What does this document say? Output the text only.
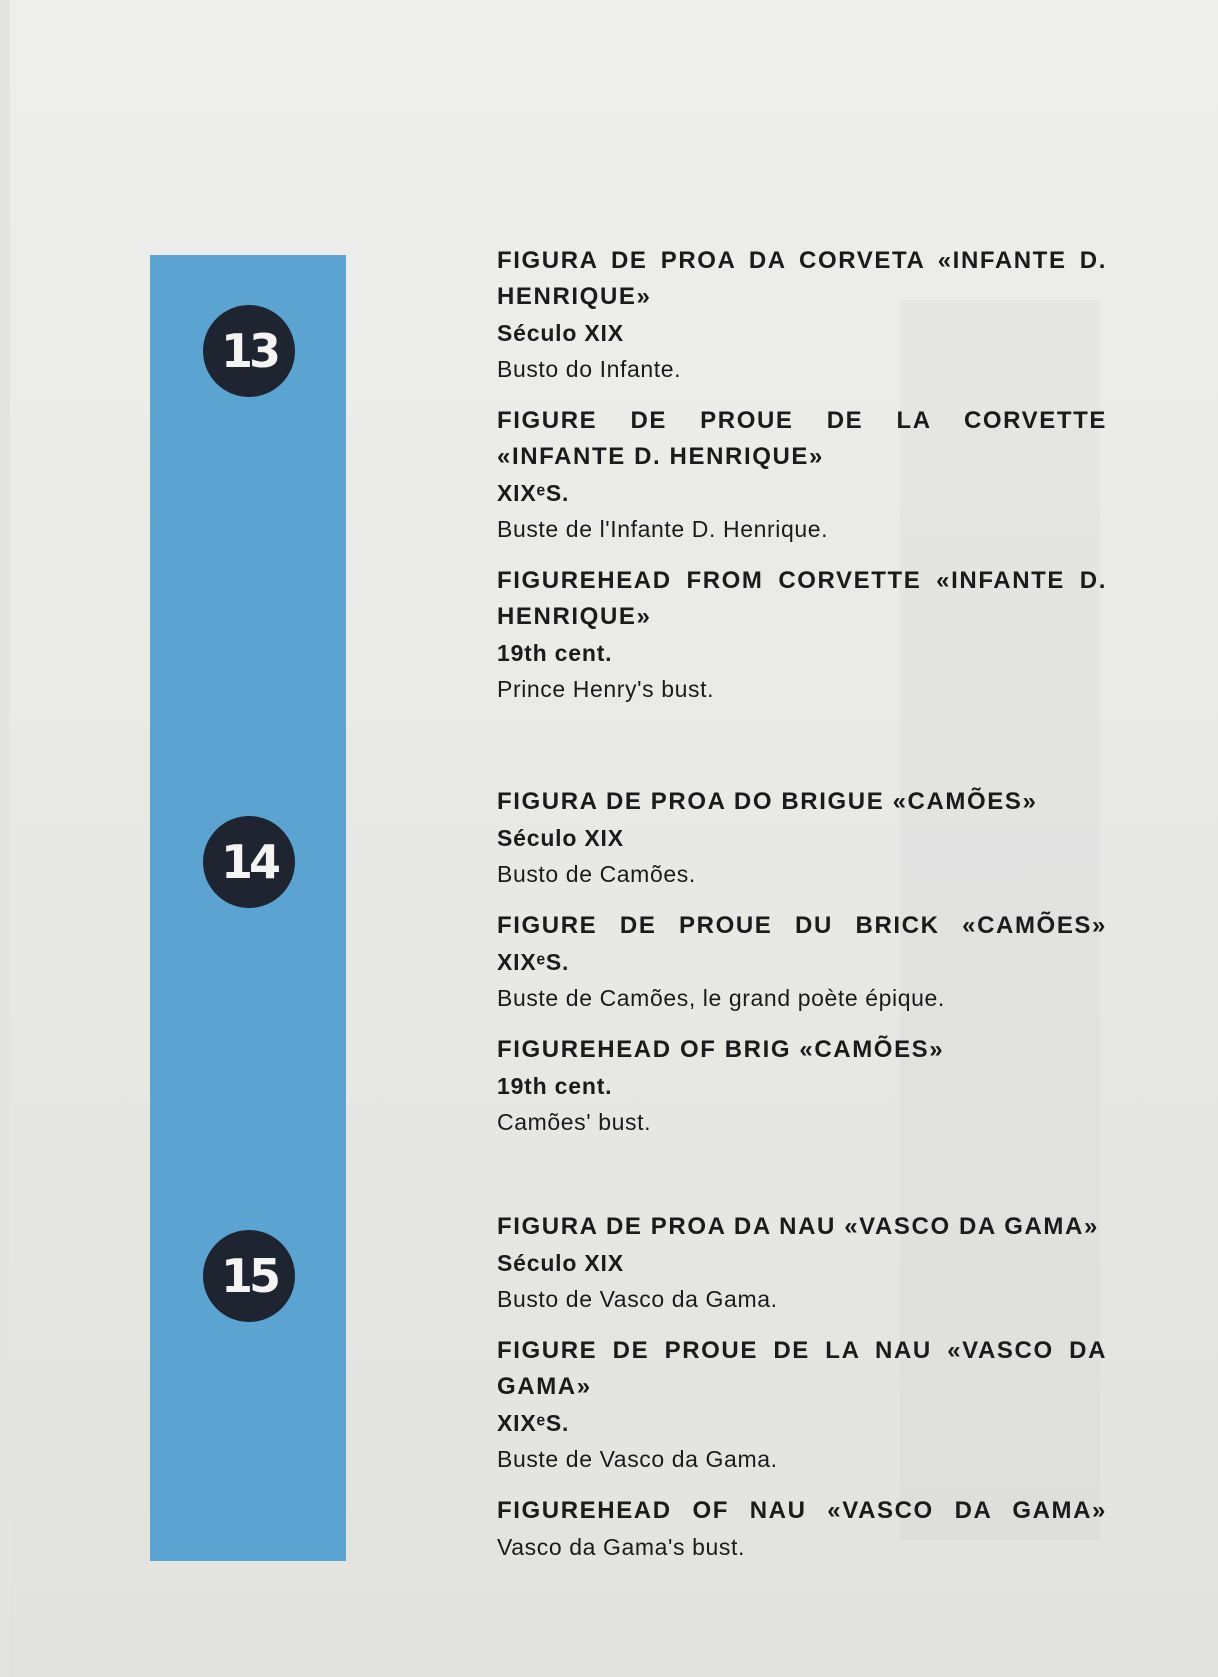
13
14
15
FIGURA DE PROA DA CORVETA «INFANTE D. HENRIQUE»
Século XIX
Busto do Infante.
FIGURE DE PROUE DE LA CORVETTE «INFANTE D. HENRIQUE»
XIXᵉS.
Buste de l'Infante D. Henrique.
FIGUREHEAD FROM CORVETTE «INFANTE D. HENRIQUE»
19th cent.
Prince Henry's bust.
FIGURA DE PROA DO BRIGUE «CAMÕES»
Século XIX
Busto de Camões.
FIGURE DE PROUE DU BRICK «CAMÕES»
XIXᵉS.
Buste de Camões, le grand poète épique.
FIGUREHEAD OF BRIG «CAMÕES»
19th cent.
Camões' bust.
FIGURA DE PROA DA NAU «VASCO DA GAMA»
Século XIX
Busto de Vasco da Gama.
FIGURE DE PROUE DE LA NAU «VASCO DA GAMA»
XIXᵉS.
Buste de Vasco da Gama.
FIGUREHEAD OF NAU «VASCO DA GAMA»
Vasco da Gama's bust.
